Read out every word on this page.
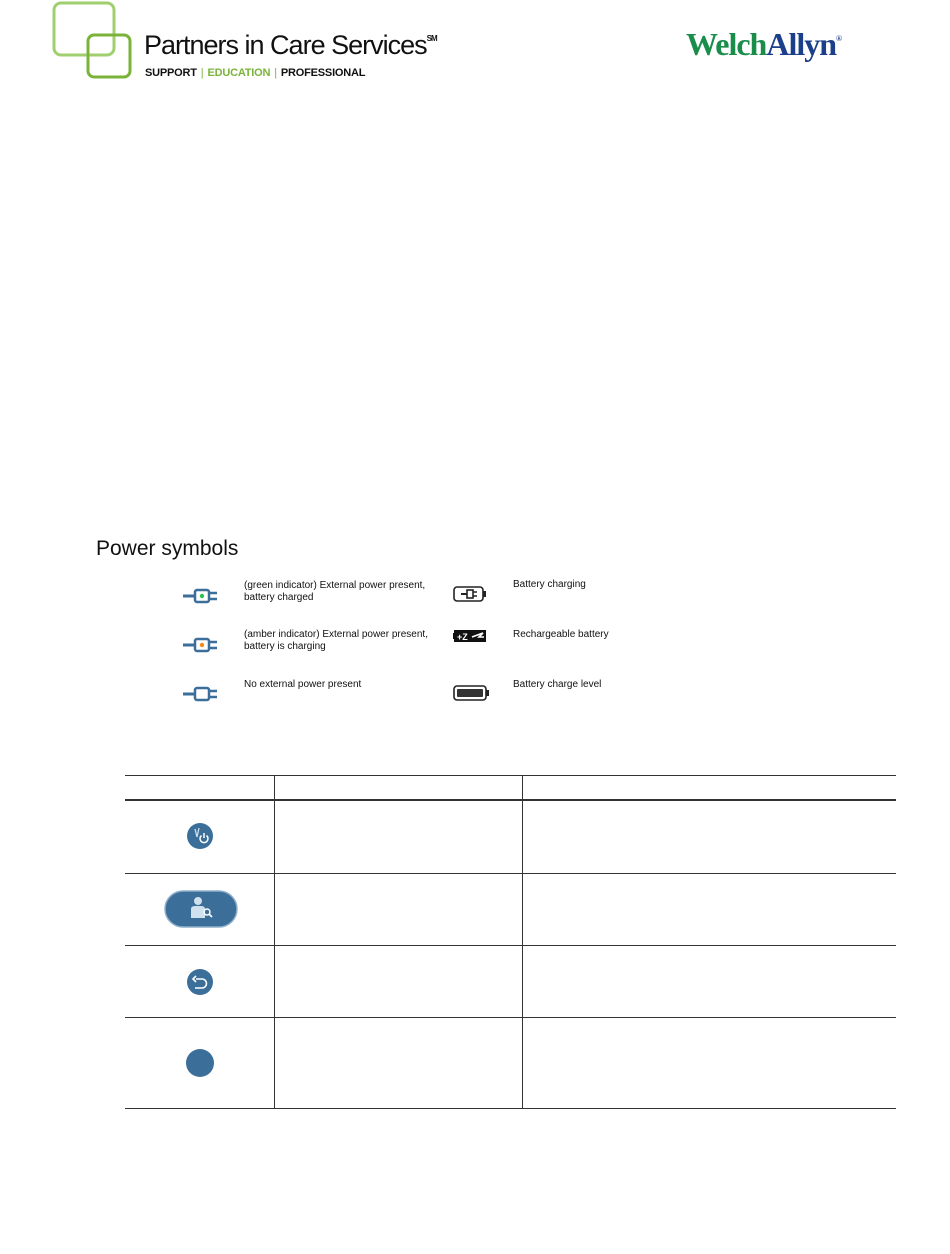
Partners in Care Services℠
SUPPORT | EDUCATION | PROFESSIONAL
WelchAllyn®
Power symbols
(green indicator) External power present, battery charged
(amber indicator) External power present, battery is charging
No external power present
Battery charging
+Z	Rechargeable battery
Battery charge level
